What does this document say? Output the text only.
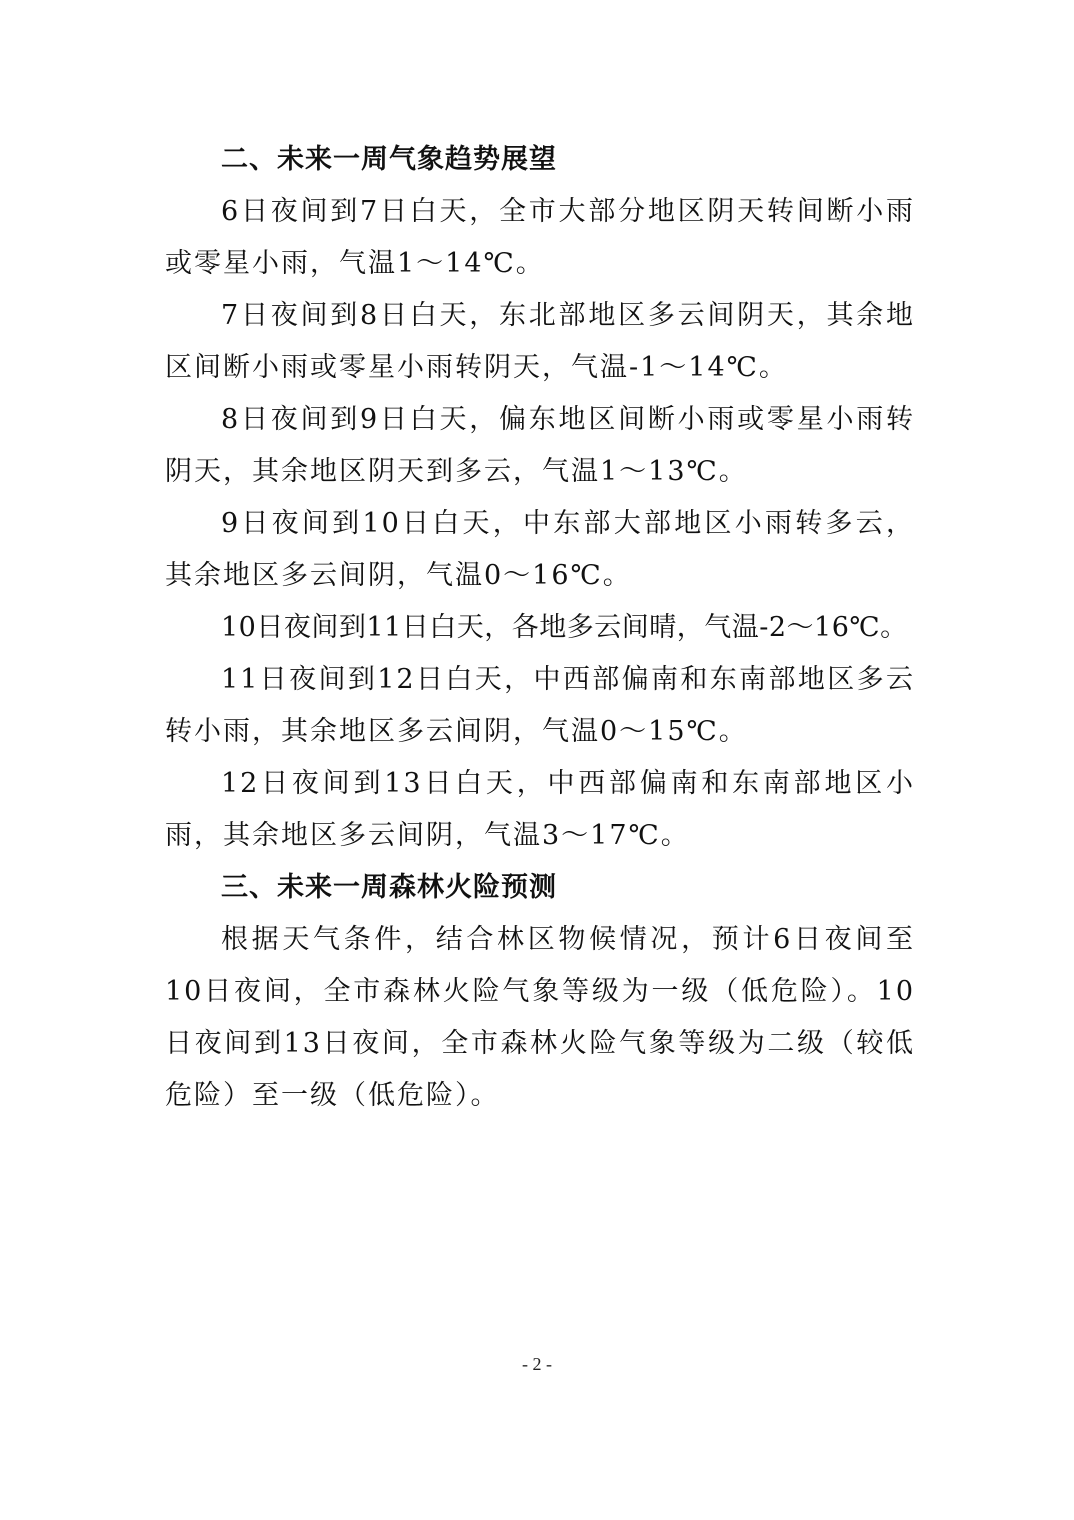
二、未来一周气象趋势展望

6日夜间到7日白天，全市大部分地区阴天转间断小雨或零星小雨，气温1～14℃。

7日夜间到8日白天，东北部地区多云间阴天，其余地区间断小雨或零星小雨转阴天，气温-1～14℃。

8日夜间到9日白天，偏东地区间断小雨或零星小雨转阴天，其余地区阴天到多云，气温1～13℃。

9日夜间到10日白天，中东部大部地区小雨转多云，其余地区多云间阴，气温0～16℃。

10日夜间到11日白天，各地多云间晴，气温-2～16℃。

11日夜间到12日白天，中西部偏南和东南部地区多云转小雨，其余地区多云间阴，气温0～15℃。

12日夜间到13日白天，中西部偏南和东南部地区小雨，其余地区多云间阴，气温3～17℃。

三、未来一周森林火险预测

根据天气条件，结合林区物候情况，预计6日夜间至10日夜间，全市森林火险气象等级为一级（低危险）。10日夜间到13日夜间，全市森林火险气象等级为二级（较低危险）至一级（低危险）。

- 2 -
